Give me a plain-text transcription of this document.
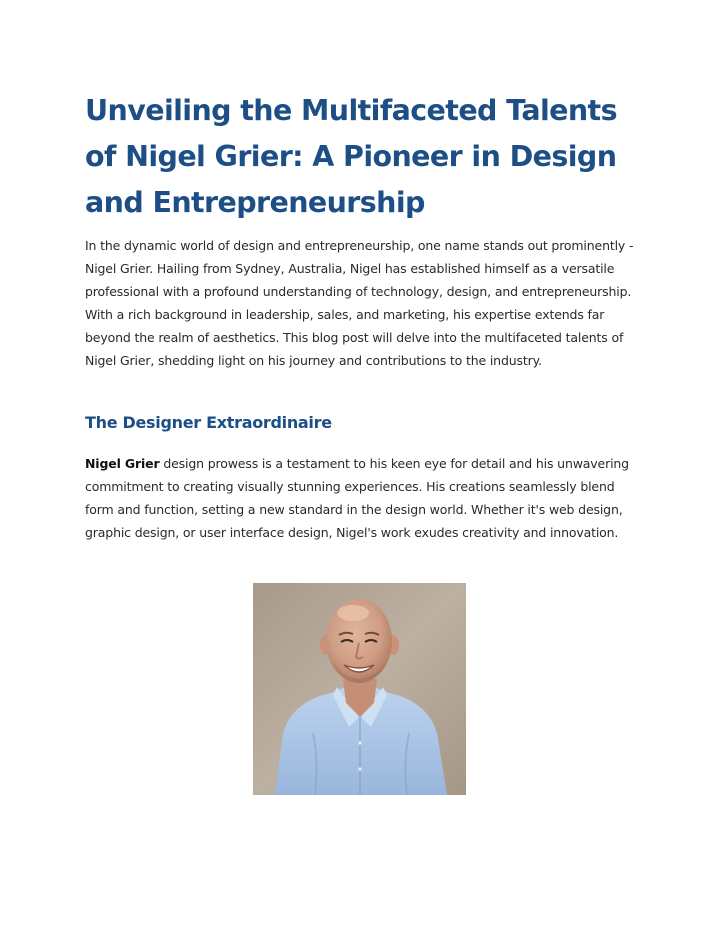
Unveiling the Multifaceted Talents of Nigel Grier: A Pioneer in Design and Entrepreneurship

In the dynamic world of design and entrepreneurship, one name stands out prominently - Nigel Grier. Hailing from Sydney, Australia, Nigel has established himself as a versatile professional with a profound understanding of technology, design, and entrepreneurship. With a rich background in leadership, sales, and marketing, his expertise extends far beyond the realm of aesthetics. This blog post will delve into the multifaceted talents of Nigel Grier, shedding light on his journey and contributions to the industry.

The Designer Extraordinaire

Nigel Grier design prowess is a testament to his keen eye for detail and his unwavering commitment to creating visually stunning experiences. His creations seamlessly blend form and function, setting a new standard in the design world. Whether it's web design, graphic design, or user interface design, Nigel's work exudes creativity and innovation.
